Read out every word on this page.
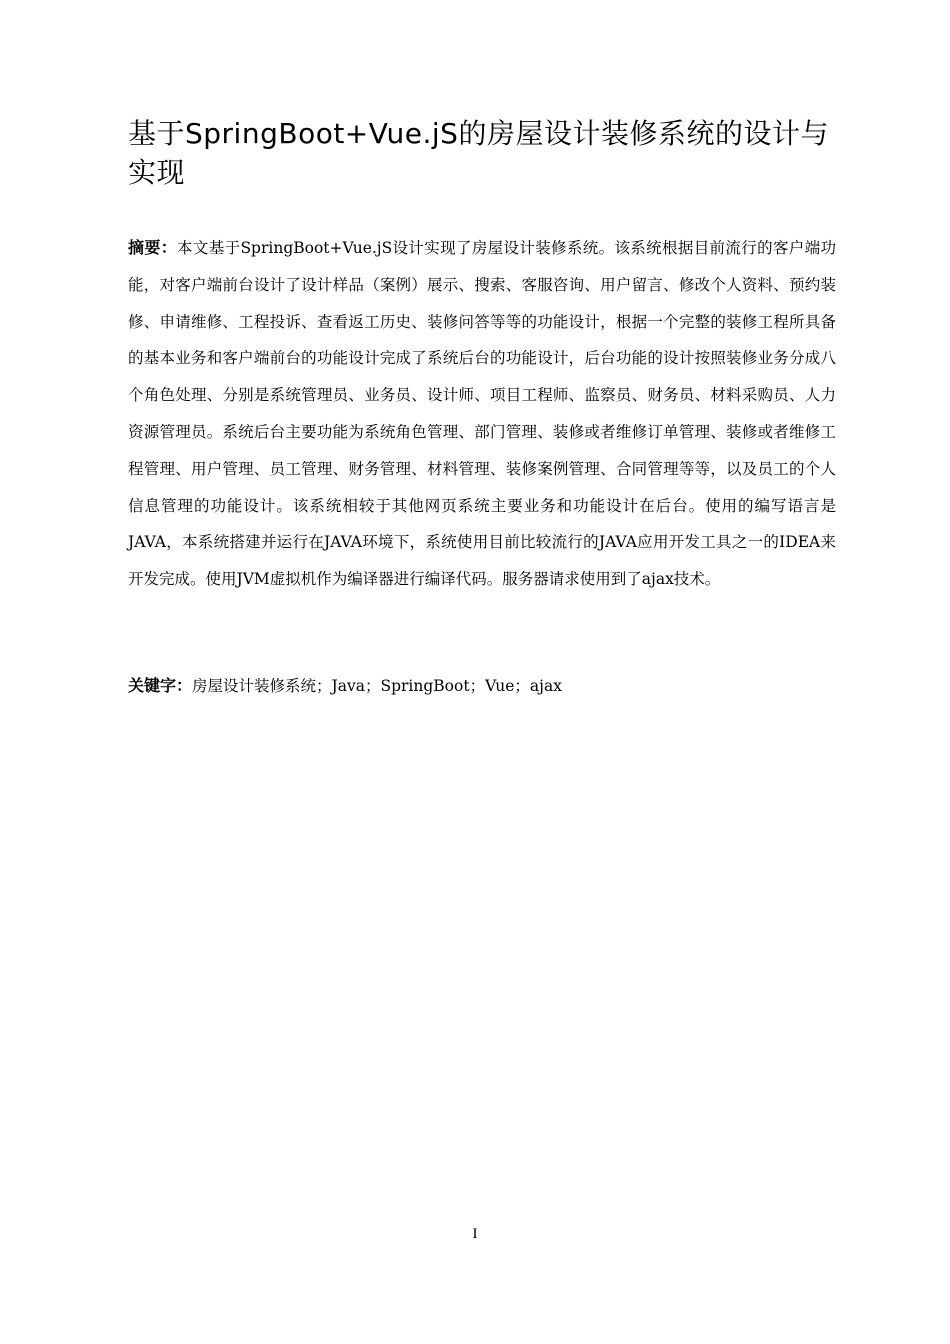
基于SpringBoot+Vue.jS的房屋设计装修系统的设计与实现

摘要：本文基于SpringBoot+Vue.jS设计实现了房屋设计装修系统。该系统根据目前流行的客户端功能，对客户端前台设计了设计样品（案例）展示、搜索、客服咨询、用户留言、修改个人资料、预约装修、申请维修、工程投诉、查看返工历史、装修问答等等的功能设计，根据一个完整的装修工程所具备的基本业务和客户端前台的功能设计完成了系统后台的功能设计，后台功能的设计按照装修业务分成八个角色处理、分别是系统管理员、业务员、设计师、项目工程师、监察员、财务员、材料采购员、人力资源管理员。系统后台主要功能为系统角色管理、部门管理、装修或者维修订单管理、装修或者维修工程管理、用户管理、员工管理、财务管理、材料管理、装修案例管理、合同管理等等，以及员工的个人信息管理的功能设计。该系统相较于其他网页系统主要业务和功能设计在后台。使用的编写语言是JAVA，本系统搭建并运行在JAVA环境下，系统使用目前比较流行的JAVA应用开发工具之一的IDEA来开发完成。使用JVM虚拟机作为编译器进行编译代码。服务器请求使用到了ajax技术。

关键字：房屋设计装修系统；Java；SpringBoot；Vue；ajax

I
